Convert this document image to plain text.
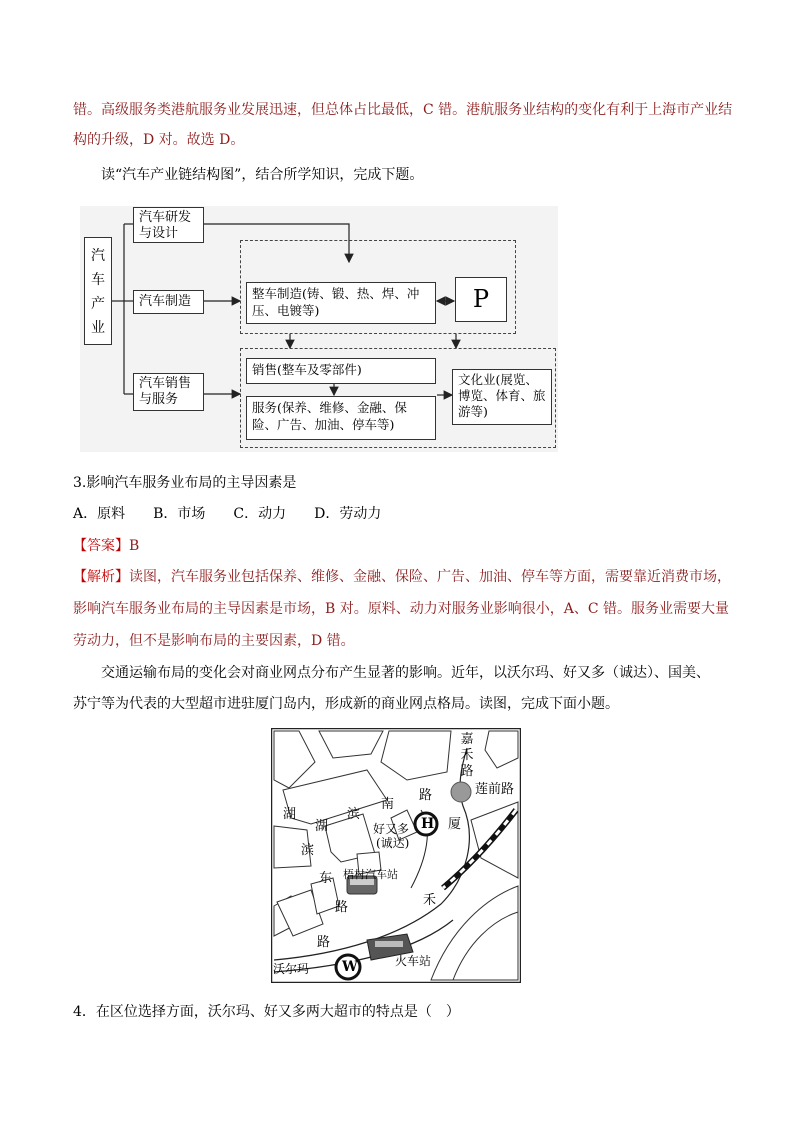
错。高级服务类港航服务业发展迅速，但总体占比最低，C 错。港航服务业结构的变化有利于上海市产业结
构的升级，D 对。故选 D。
读“汽车产业链结构图”，结合所学知识，完成下题。
汽车产业
汽车研发与设计
汽车制造
汽车销售与服务
整车制造(铸、锻、热、焊、冲压、电镀等)	P
销售(整车及零部件)
服务(保养、维修、金融、保险、广告、加油、停车等)
文化业(展览、博览、体育、旅游等)
3.影响汽车服务业布局的主导因素是
A．原料　　B．市场　　C．动力　　D．劳动力
【答案】B
【解析】读图，汽车服务业包括保养、维修、金融、保险、广告、加油、停车等方面，需要靠近消费市场，
影响汽车服务业布局的主导因素是市场，B 对。原料、动力对服务业影响很小，A、C 错。服务业需要大量
劳动力，但不是影响布局的主要因素，D 错。
交通运输布局的变化会对商业网点分布产生显著的影响。近年，以沃尔玛、好又多（诚达）、国美、
苏宁等为代表的大型超市进驻厦门岛内，形成新的商业网点格局。读图，完成下面小题。
嘉禾路
莲前路
湖
湖
滨
南
路
滨
东
路
路
好又多
(诚达)
H 厦
梧村汽车站
禾
沃尔玛 W	火车站
4．在区位选择方面，沃尔玛、好又多两大超市的特点是（　）
